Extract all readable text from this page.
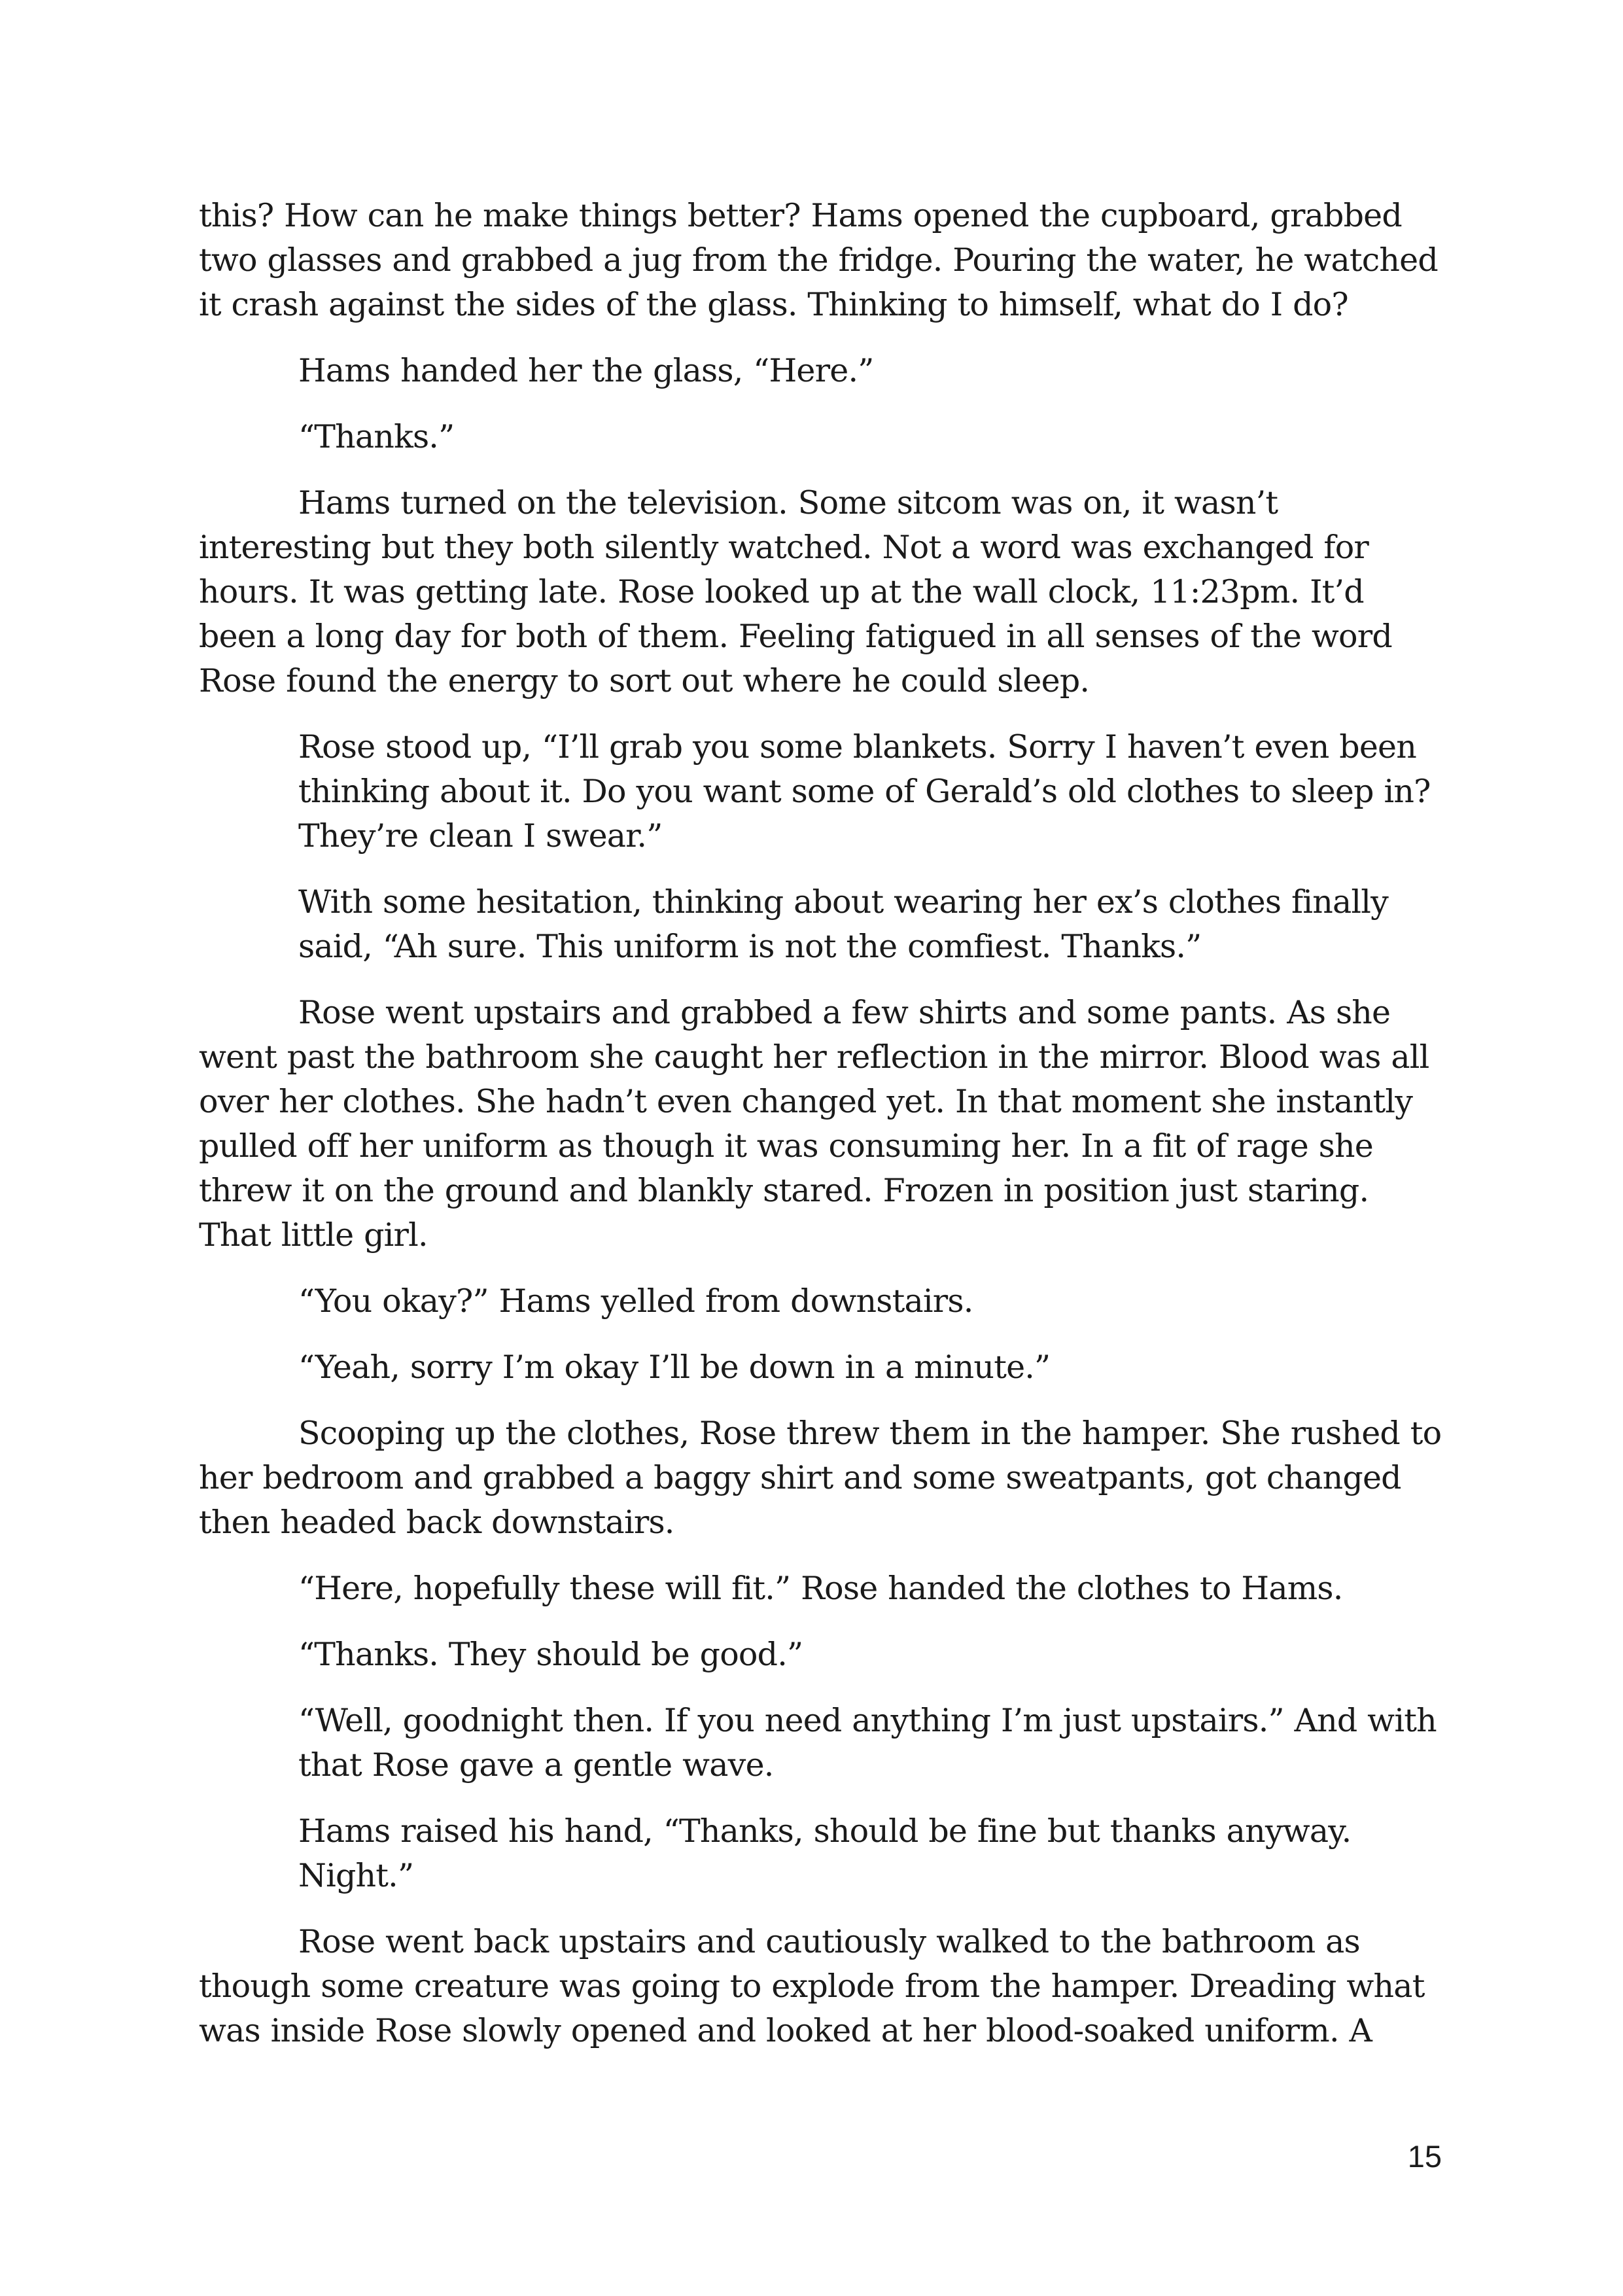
this? How can he make things better? Hams opened the cupboard, grabbed two glasses and grabbed a jug from the fridge. Pouring the water, he watched it crash against the sides of the glass. Thinking to himself, what do I do?

Hams handed her the glass, “Here.”

“Thanks.”

Hams turned on the television. Some sitcom was on, it wasn’t interesting but they both silently watched. Not a word was exchanged for hours. It was getting late. Rose looked up at the wall clock, 11:23pm. It’d been a long day for both of them. Feeling fatigued in all senses of the word Rose found the energy to sort out where he could sleep.

Rose stood up, “I’ll grab you some blankets. Sorry I haven’t even been thinking about it. Do you want some of Gerald’s old clothes to sleep in? They’re clean I swear.”

With some hesitation, thinking about wearing her ex’s clothes finally said, “Ah sure. This uniform is not the comfiest. Thanks.”

Rose went upstairs and grabbed a few shirts and some pants. As she went past the bathroom she caught her reflection in the mirror. Blood was all over her clothes. She hadn’t even changed yet. In that moment she instantly pulled off her uniform as though it was consuming her. In a fit of rage she threw it on the ground and blankly stared. Frozen in position just staring. That little girl.

“You okay?” Hams yelled from downstairs.

“Yeah, sorry I’m okay I’ll be down in a minute.”

Scooping up the clothes, Rose threw them in the hamper. She rushed to her bedroom and grabbed a baggy shirt and some sweatpants, got changed then headed back downstairs.

“Here, hopefully these will fit.” Rose handed the clothes to Hams.

“Thanks. They should be good.”

“Well, goodnight then. If you need anything I’m just upstairs.” And with that Rose gave a gentle wave.

Hams raised his hand, “Thanks, should be fine but thanks anyway. Night.”

Rose went back upstairs and cautiously walked to the bathroom as though some creature was going to explode from the hamper. Dreading what was inside Rose slowly opened and looked at her blood-soaked uniform. A

15
